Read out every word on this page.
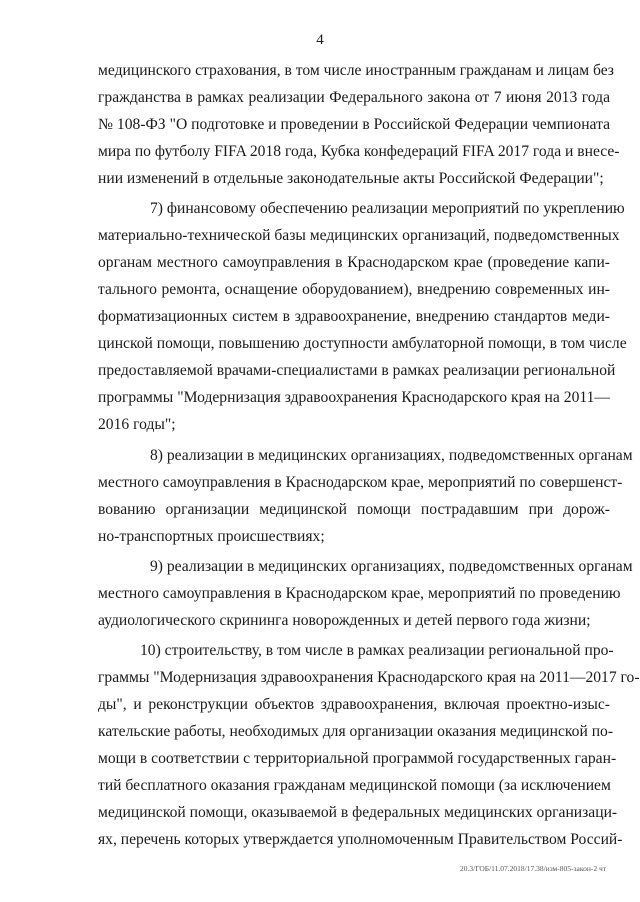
4
медицинского страхования, в том числе иностранным гражданам и лицам без
гражданства в рамках реализации Федерального закона от 7 июня 2013 года
№ 108-ФЗ "О подготовке и проведении в Российской Федерации чемпионата
мира по футболу FIFA 2018 года, Кубка конфедераций FIFA 2017 года и внесе-
нии изменений в отдельные законодательные акты Российской Федерации";
7) финансовому обеспечению реализации мероприятий по укреплению
материально-технической базы медицинских организаций, подведомственных
органам местного самоуправления в Краснодарском крае (проведение капи-
тального ремонта, оснащение оборудованием), внедрению современных ин-
форматизационных систем в здравоохранение, внедрению стандартов меди-
цинской помощи, повышению доступности амбулаторной помощи, в том числе
предоставляемой врачами-специалистами в рамках реализации региональной
программы "Модернизация здравоохранения Краснодарского края на 2011—
2016 годы";
8) реализации в медицинских организациях, подведомственных органам
местного самоуправления в Краснодарском крае, мероприятий по совершенст-
вованию организации медицинской помощи пострадавшим при дорож-
но-транспортных происшествиях;
9) реализации в медицинских организациях, подведомственных органам
местного самоуправления в Краснодарском крае, мероприятий по проведению
аудиологического скрининга новорожденных и детей первого года жизни;
10) строительству, в том числе в рамках реализации региональной про-
граммы "Модернизация здравоохранения Краснодарского края на 2011—2017 го-
ды", и реконструкции объектов здравоохранения, включая проектно-изыс-
кательские работы, необходимых для организации оказания медицинской по-
мощи в соответствии с территориальной программой государственных гаран-
тий бесплатного оказания гражданам медицинской помощи (за исключением
медицинской помощи, оказываемой в федеральных медицинских организаци-
ях, перечень которых утверждается уполномоченным Правительством Россий-
20.3/ГОБ/11.07.2018/17.38/изм-805-закон-2 чт
